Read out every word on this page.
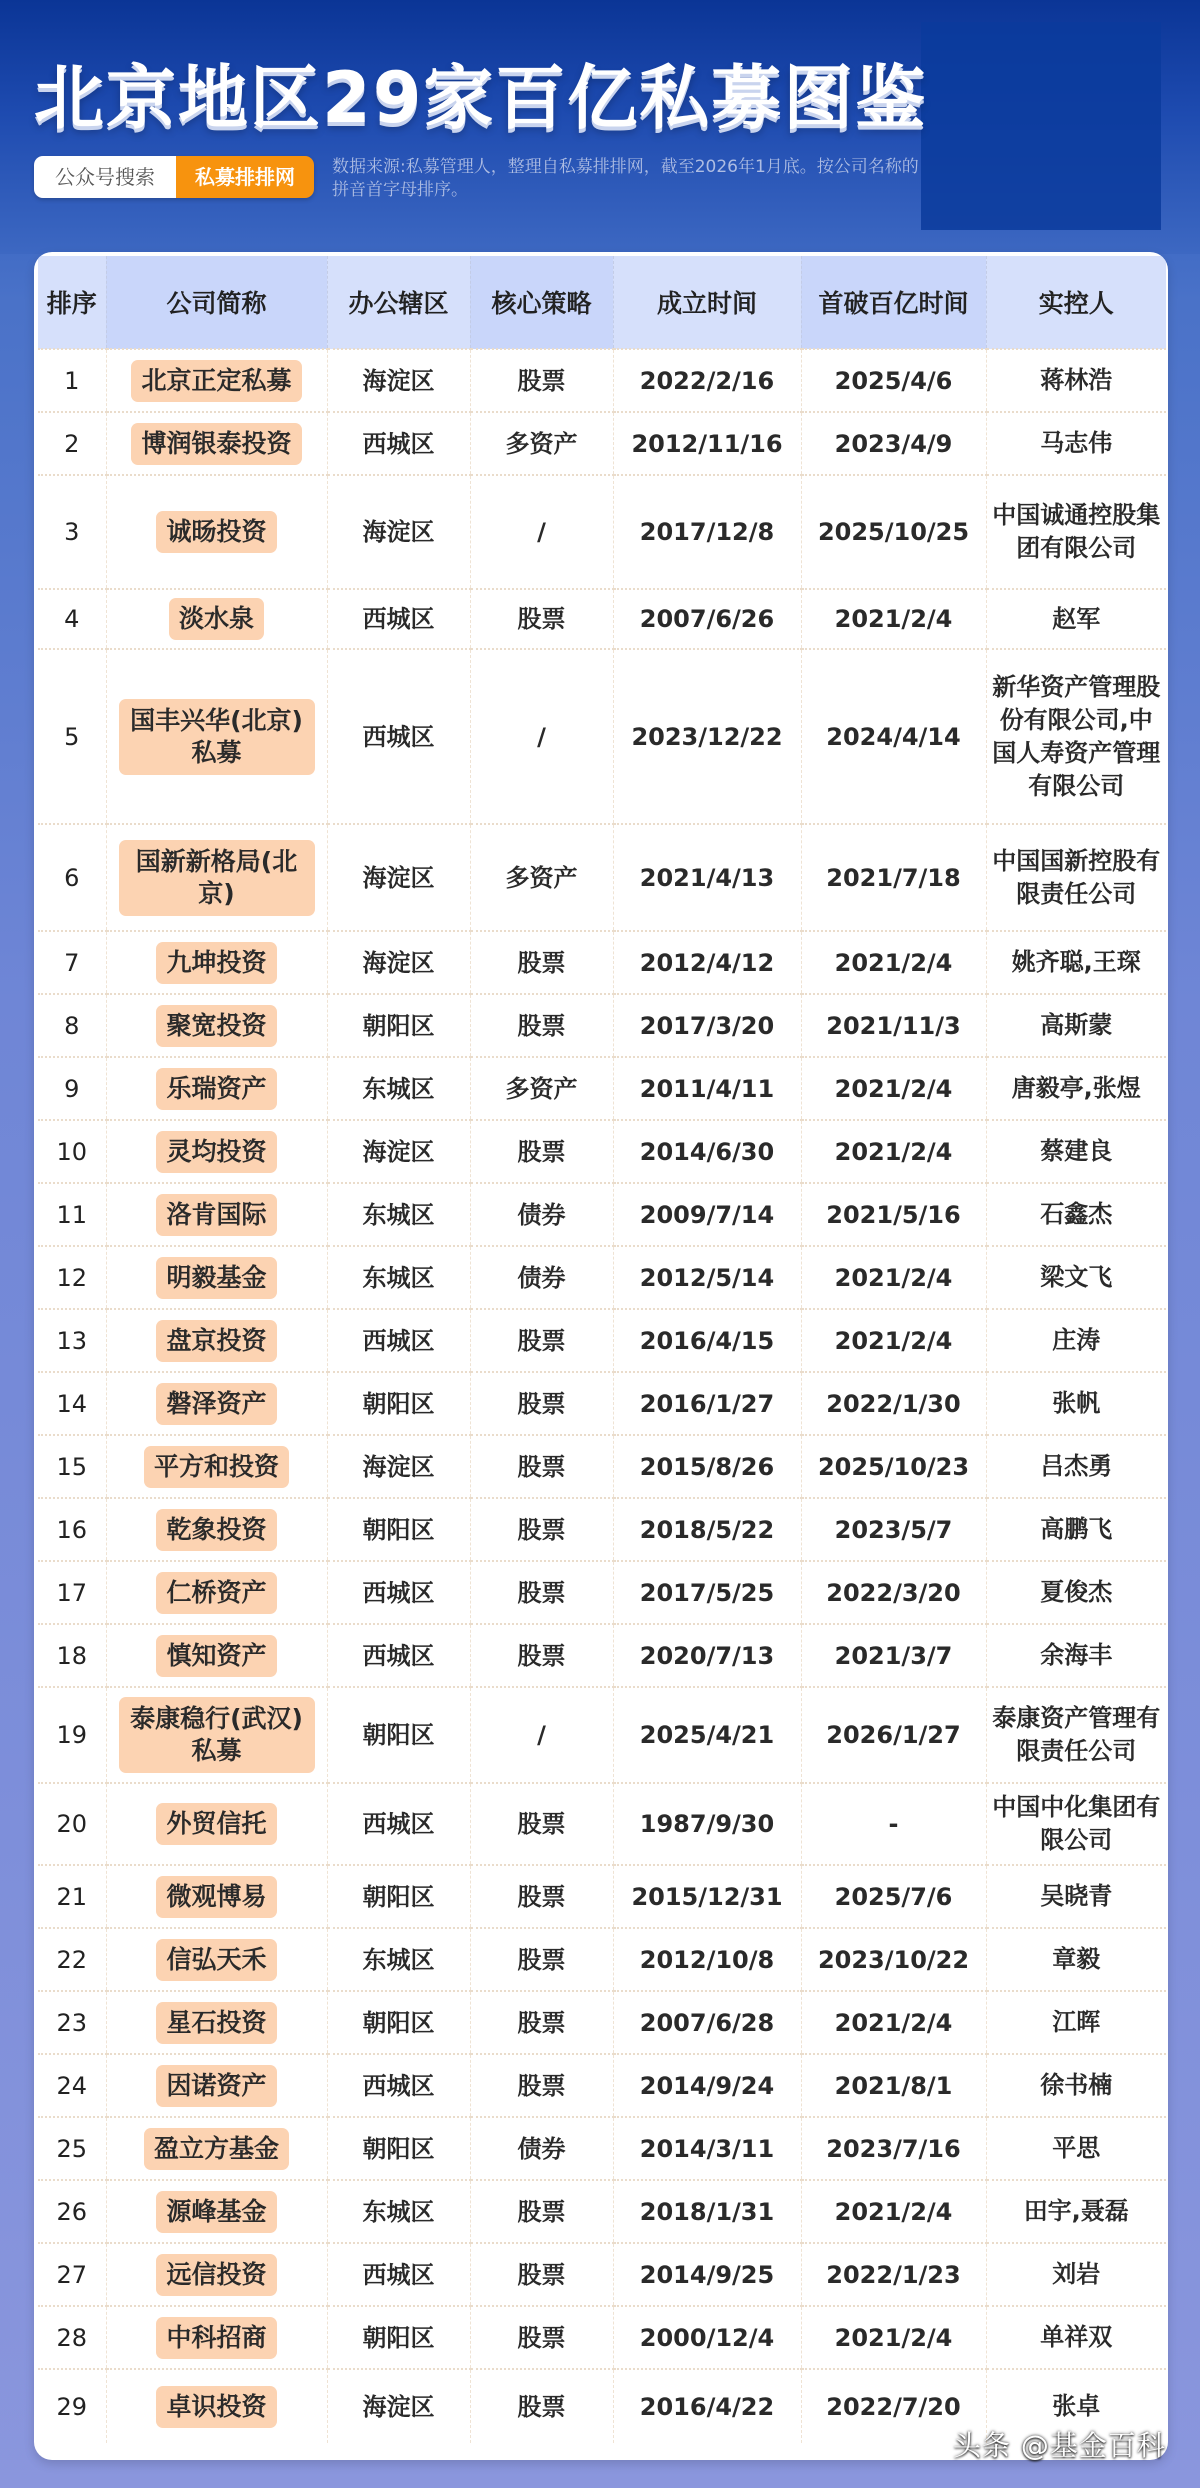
北京地区29家百亿私募图鉴
公众号搜索	私募排排网	数据来源:私募管理人，整理自私募排排网，截至2026年1月底。按公司名称的拼音首字母排序。
排序	公司简称	办公辖区	核心策略	成立时间	首破百亿时间	实控人
1	北京正定私募	海淀区	股票	2022/2/16	2025/4/6	蒋林浩
2	博润银泰投资	西城区	多资产	2012/11/16	2023/4/9	马志伟
3	诚旸投资	海淀区	/	2017/12/8	2025/10/25	中国诚通控股集团有限公司
4	淡水泉	西城区	股票	2007/6/26	2021/2/4	赵军
5	国丰兴华(北京)私募	西城区	/	2023/12/22	2024/4/14	新华资产管理股份有限公司,中国人寿资产管理有限公司
6	国新新格局(北京)	海淀区	多资产	2021/4/13	2021/7/18	中国国新控股有限责任公司
7	九坤投资	海淀区	股票	2012/4/12	2021/2/4	姚齐聪,王琛
8	聚宽投资	朝阳区	股票	2017/3/20	2021/11/3	高斯蒙
9	乐瑞资产	东城区	多资产	2011/4/11	2021/2/4	唐毅亭,张煜
10	灵均投资	海淀区	股票	2014/6/30	2021/2/4	蔡建良
11	洛肯国际	东城区	债券	2009/7/14	2021/5/16	石鑫杰
12	明毅基金	东城区	债券	2012/5/14	2021/2/4	梁文飞
13	盘京投资	西城区	股票	2016/4/15	2021/2/4	庄涛
14	磐泽资产	朝阳区	股票	2016/1/27	2022/1/30	张帆
15	平方和投资	海淀区	股票	2015/8/26	2025/10/23	吕杰勇
16	乾象投资	朝阳区	股票	2018/5/22	2023/5/7	高鹏飞
17	仁桥资产	西城区	股票	2017/5/25	2022/3/20	夏俊杰
18	慎知资产	西城区	股票	2020/7/13	2021/3/7	余海丰
19	泰康稳行(武汉)私募	朝阳区	/	2025/4/21	2026/1/27	泰康资产管理有限责任公司
20	外贸信托	西城区	股票	1987/9/30	-	中国中化集团有限公司
21	微观博易	朝阳区	股票	2015/12/31	2025/7/6	吴晓青
22	信弘天禾	东城区	股票	2012/10/8	2023/10/22	章毅
23	星石投资	朝阳区	股票	2007/6/28	2021/2/4	江晖
24	因诺资产	西城区	股票	2014/9/24	2021/8/1	徐书楠
25	盈立方基金	朝阳区	债券	2014/3/11	2023/7/16	平思
26	源峰基金	东城区	股票	2018/1/31	2021/2/4	田宇,聂磊
27	远信投资	西城区	股票	2014/9/25	2022/1/23	刘岩
28	中科招商	朝阳区	股票	2000/12/4	2021/2/4	单祥双
29	卓识投资	海淀区	股票	2016/4/22	2022/7/20	张卓
头条 @基金百科
